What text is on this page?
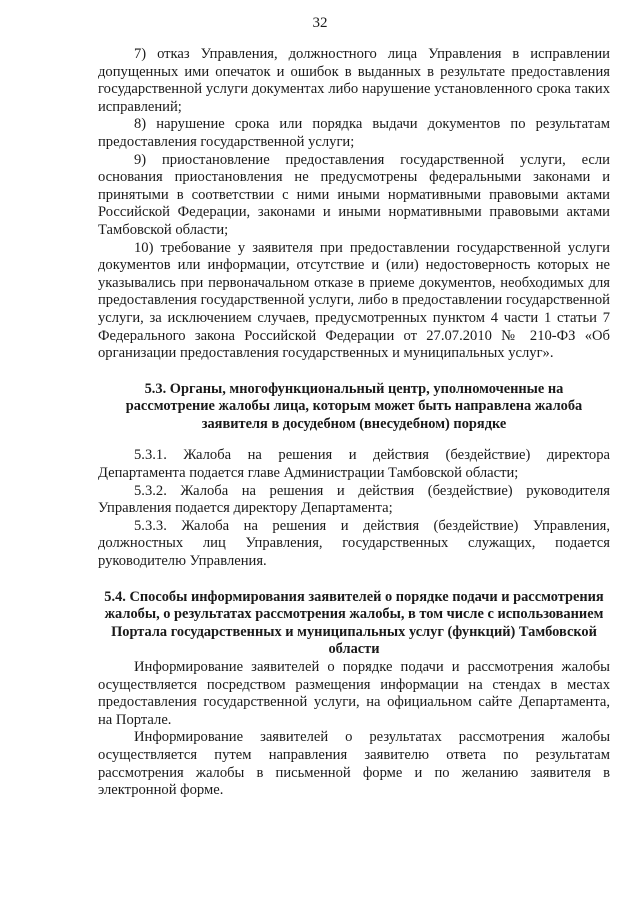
32

7) отказ Управления, должностного лица Управления в исправлении допущенных ими опечаток и ошибок в выданных в результате предоставления государственной услуги документах либо нарушение установленного срока таких исправлений;

8) нарушение срока или порядка выдачи документов по результатам предоставления государственной услуги;

9) приостановление предоставления государственной услуги, если основания приостановления не предусмотрены федеральными законами и принятыми в соответствии с ними иными нормативными правовыми актами Российской Федерации, законами и иными нормативными правовыми актами Тамбовской области;

10) требование у заявителя при предоставлении государственной услуги документов или информации, отсутствие и (или) недостоверность которых не указывались при первоначальном отказе в приеме документов, необходимых для предоставления государственной услуги, либо в предоставлении государственной услуги, за исключением случаев, предусмотренных пунктом 4 части 1 статьи 7 Федерального закона Российской Федерации от 27.07.2010 № 210-ФЗ «Об организации предоставления государственных и муниципальных услуг».

5.3. Органы, многофункциональный центр, уполномоченные на рассмотрение жалобы лица, которым может быть направлена жалоба заявителя в досудебном (внесудебном) порядке

5.3.1. Жалоба на решения и действия (бездействие) директора Департамента подается главе Администрации Тамбовской области;

5.3.2. Жалоба на решения и действия (бездействие) руководителя Управления подается директору Департамента;

5.3.3. Жалоба на решения и действия (бездействие) Управления, должностных лиц Управления, государственных служащих, подается руководителю Управления.

5.4. Способы информирования заявителей о порядке подачи и рассмотрения жалобы, о результатах рассмотрения жалобы, в том числе с использованием Портала государственных и муниципальных услуг (функций) Тамбовской области

Информирование заявителей о порядке подачи и рассмотрения жалобы осуществляется посредством размещения информации на стендах в местах предоставления государственной услуги, на официальном сайте Департамента, на Портале.

Информирование заявителей о результатах рассмотрения жалобы осуществляется путем направления заявителю ответа по результатам рассмотрения жалобы в письменной форме и по желанию заявителя в электронной форме.
